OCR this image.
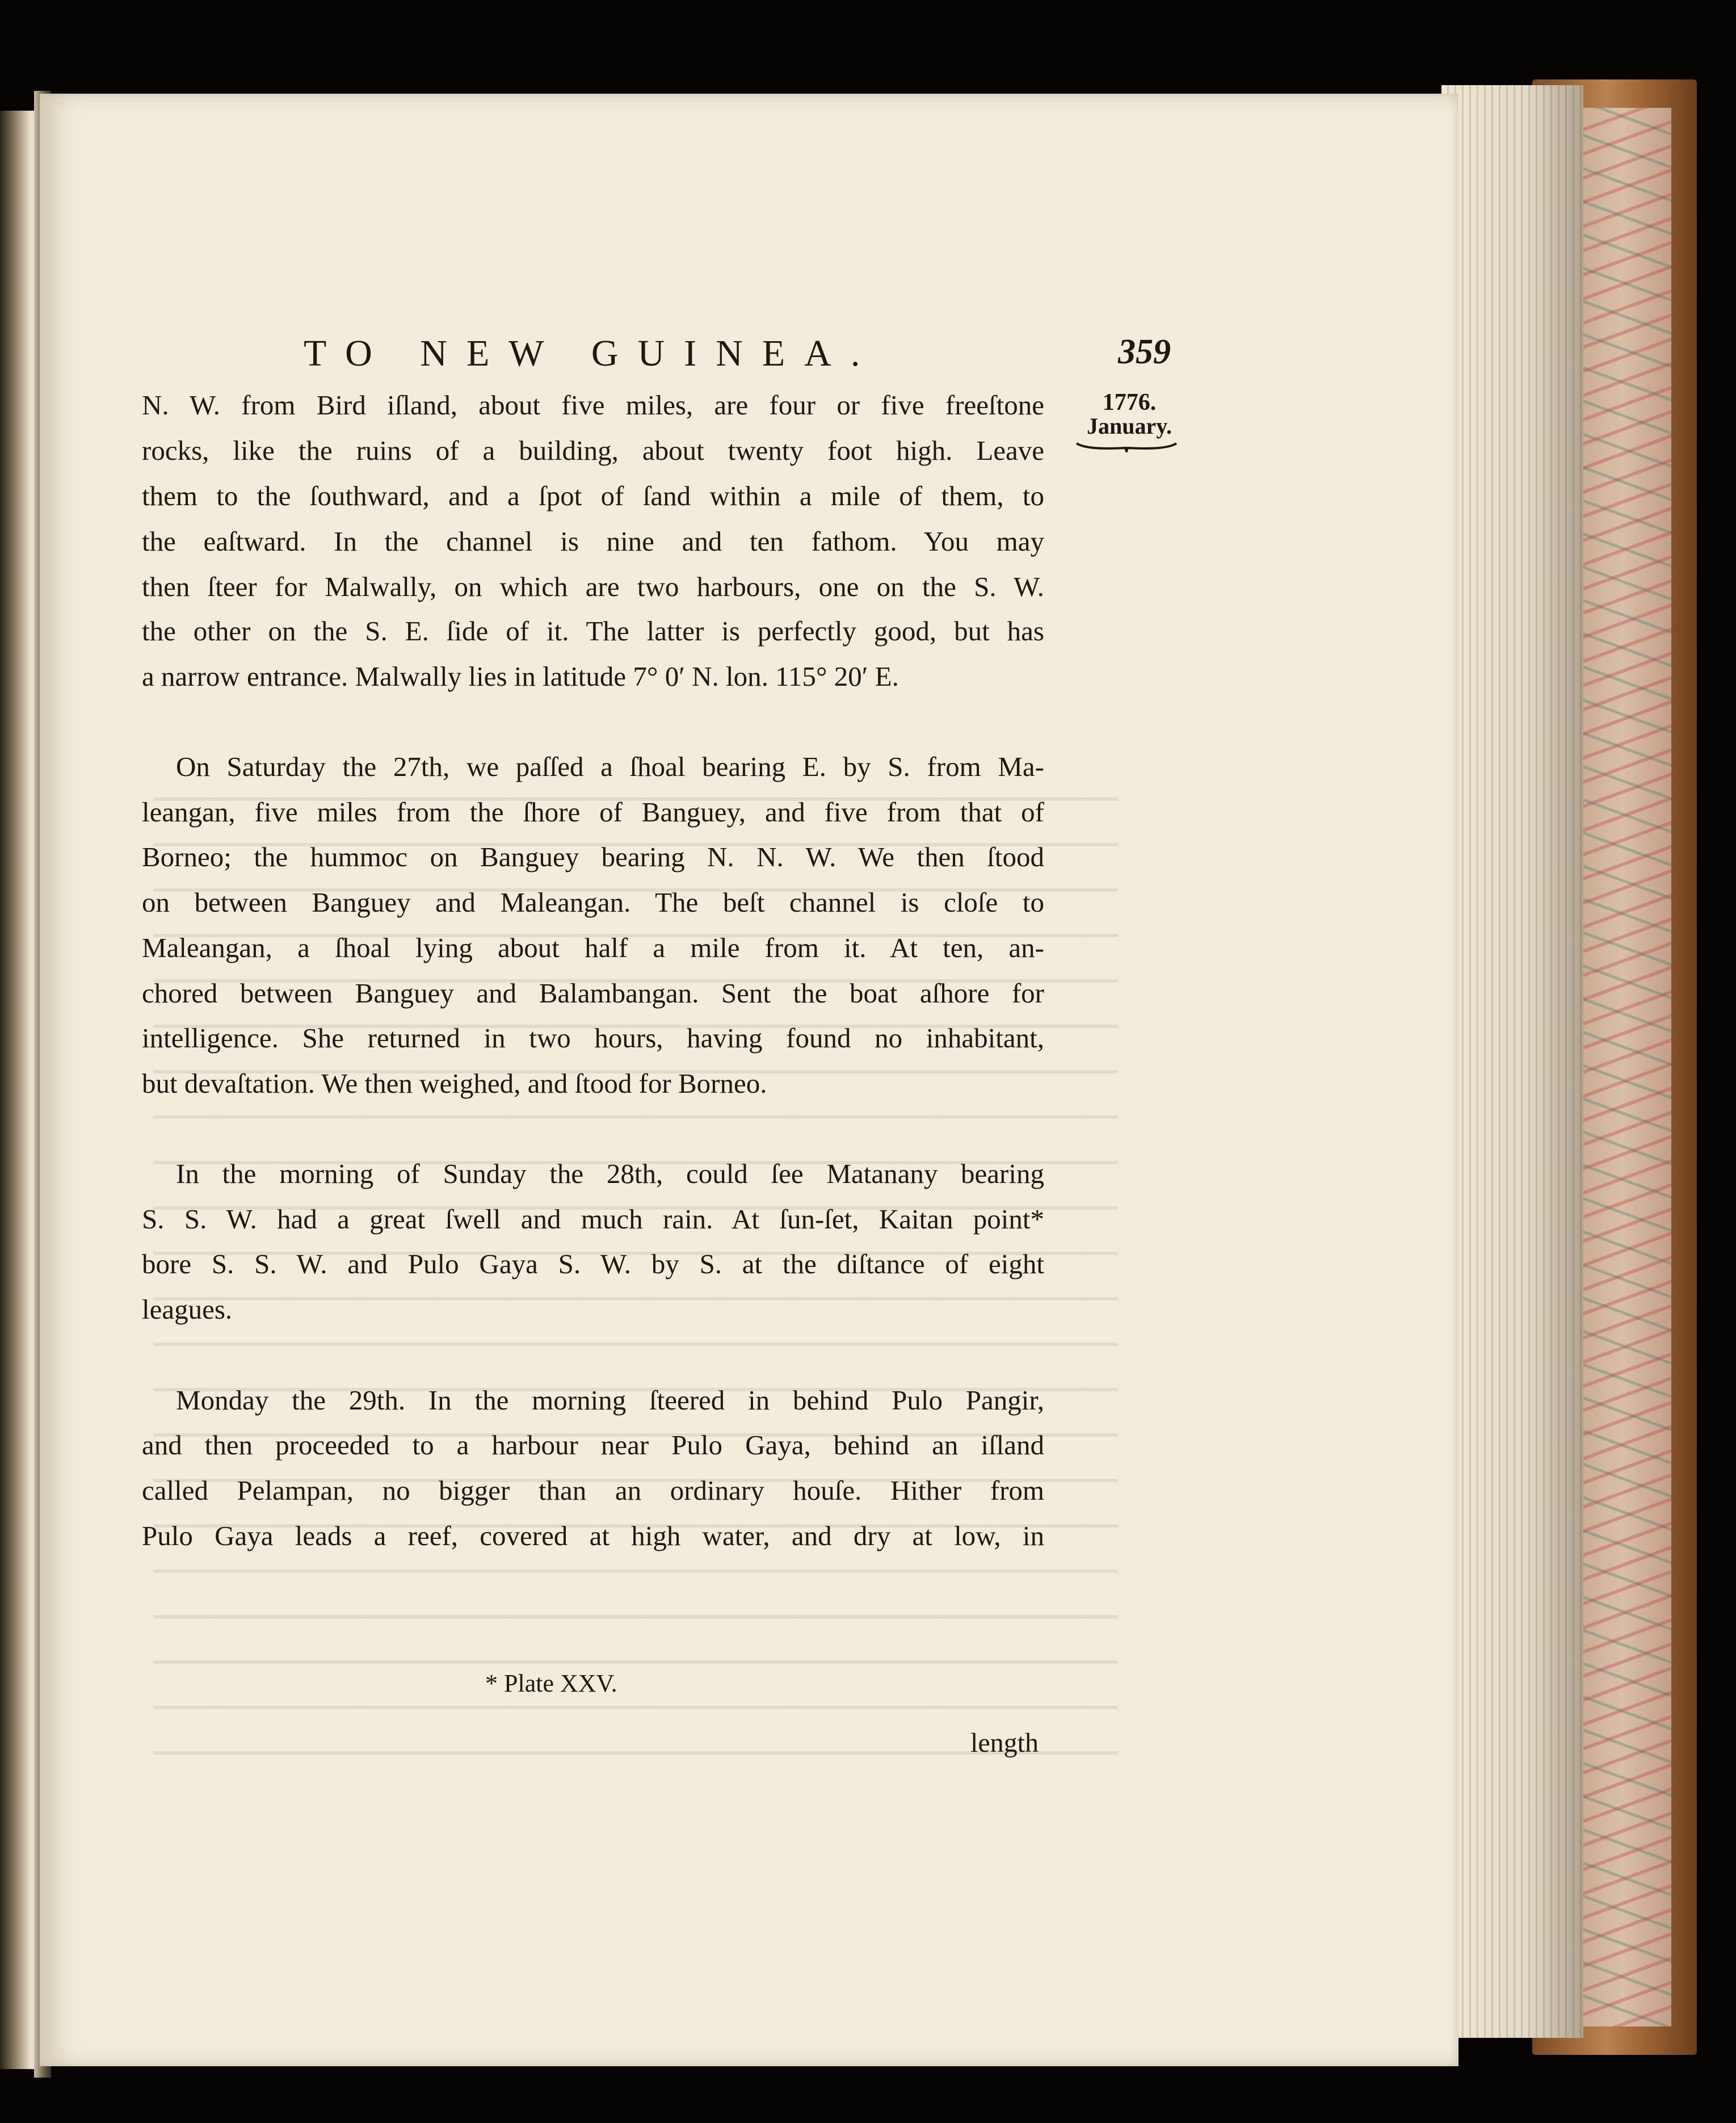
TO NEW GUINEA.	359
1776.
January.
N. W. from Bird iſland, about five miles, are four or five freeſtone
rocks, like the ruins of a building, about twenty foot high. Leave
them to the ſouthward, and a ſpot of ſand within a mile of them, to
the eaſtward. In the channel is nine and ten fathom. You may
then ſteer for Malwally, on which are two harbours, one on the S. W.
the other on the S. E. ſide of it. The latter is perfectly good, but has
a narrow entrance. Malwally lies in latitude 7° 0′ N. lon. 115° 20′ E.
On Saturday the 27th, we paſſed a ſhoal bearing E. by S. from Ma-
leangan, five miles from the ſhore of Banguey, and five from that of
Borneo; the hummoc on Banguey bearing N. N. W. We then ſtood
on between Banguey and Maleangan. The beſt channel is cloſe to
Maleangan, a ſhoal lying about half a mile from it. At ten, an-
chored between Banguey and Balambangan. Sent the boat aſhore for
intelligence. She returned in two hours, having found no inhabitant,
but devaſtation. We then weighed, and ſtood for Borneo.
In the morning of Sunday the 28th, could ſee Matanany bearing
S. S. W. had a great ſwell and much rain. At ſun-ſet, Kaitan point*
bore S. S. W. and Pulo Gaya S. W. by S. at the diſtance of eight
leagues.
Monday the 29th. In the morning ſteered in behind Pulo Pangir,
and then proceeded to a harbour near Pulo Gaya, behind an iſland
called Pelampan, no bigger than an ordinary houſe. Hither from
Pulo Gaya leads a reef, covered at high water, and dry at low, in
* Plate XXV.
length
